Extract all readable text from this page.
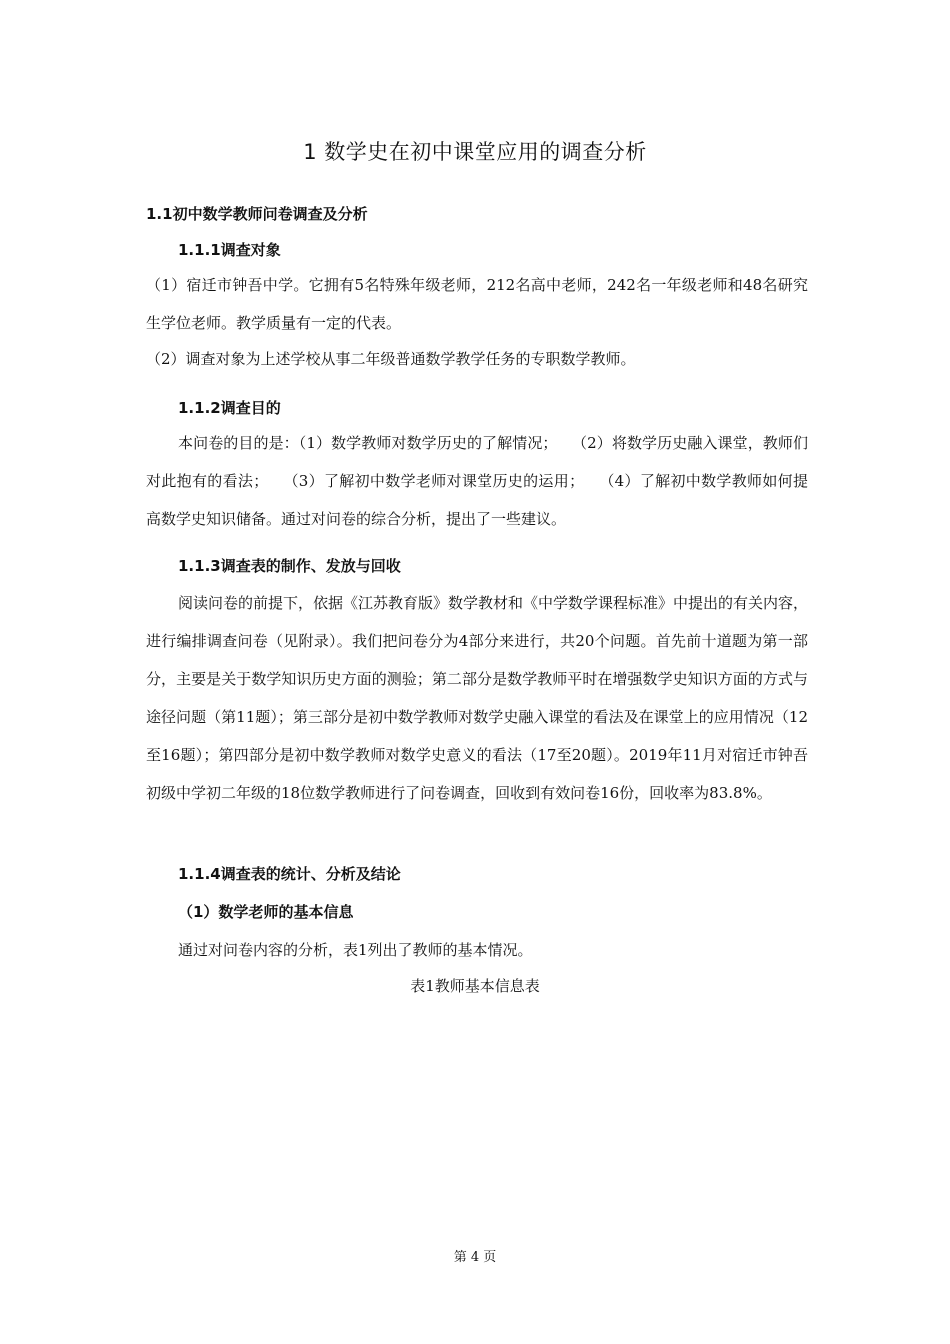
1 数学史在初中课堂应用的调查分析
1.1初中数学教师问卷调查及分析
1.1.1调查对象

（1）宿迁市钟吾中学。它拥有5名特殊年级老师，212名高中老师，242名一年级老师和48名研究生学位老师。教学质量有一定的代表。

（2）调查对象为上述学校从事二年级普通数学教学任务的专职数学教师。
1.1.2调查目的

本问卷的目的是：（1）数学教师对数学历史的了解情况；   （2）将数学历史融入课堂，教师们对此抱有的看法；   （3）了解初中数学老师对课堂历史的运用；   （4）了解初中数学教师如何提高数学史知识储备。通过对问卷的综合分析，提出了一些建议。

1.1.3调查表的制作、发放与回收

阅读问卷的前提下，依据《江苏教育版》数学教材和《中学数学课程标准》中提出的有关内容，进行编排调查问卷（见附录）。我们把问卷分为4部分来进行，共20个问题。首先前十道题为第一部分，主要是关于数学知识历史方面的测验；第二部分是数学教师平时在增强数学史知识方面的方式与途径问题（第11题）；第三部分是初中数学教师对数学史融入课堂的看法及在课堂上的应用情况（12至16题）；第四部分是初中数学教师对数学史意义的看法（17至20题）。2019年11月对宿迁市钟吾初级中学初二年级的18位数学教师进行了问卷调查，回收到有效问卷16份，回收率为83.8%。

1.1.4调查表的统计、分析及结论
（1）数学老师的基本信息
通过对问卷内容的分析，表1列出了教师的基本情况。
表1教师基本信息表
第 4 页
